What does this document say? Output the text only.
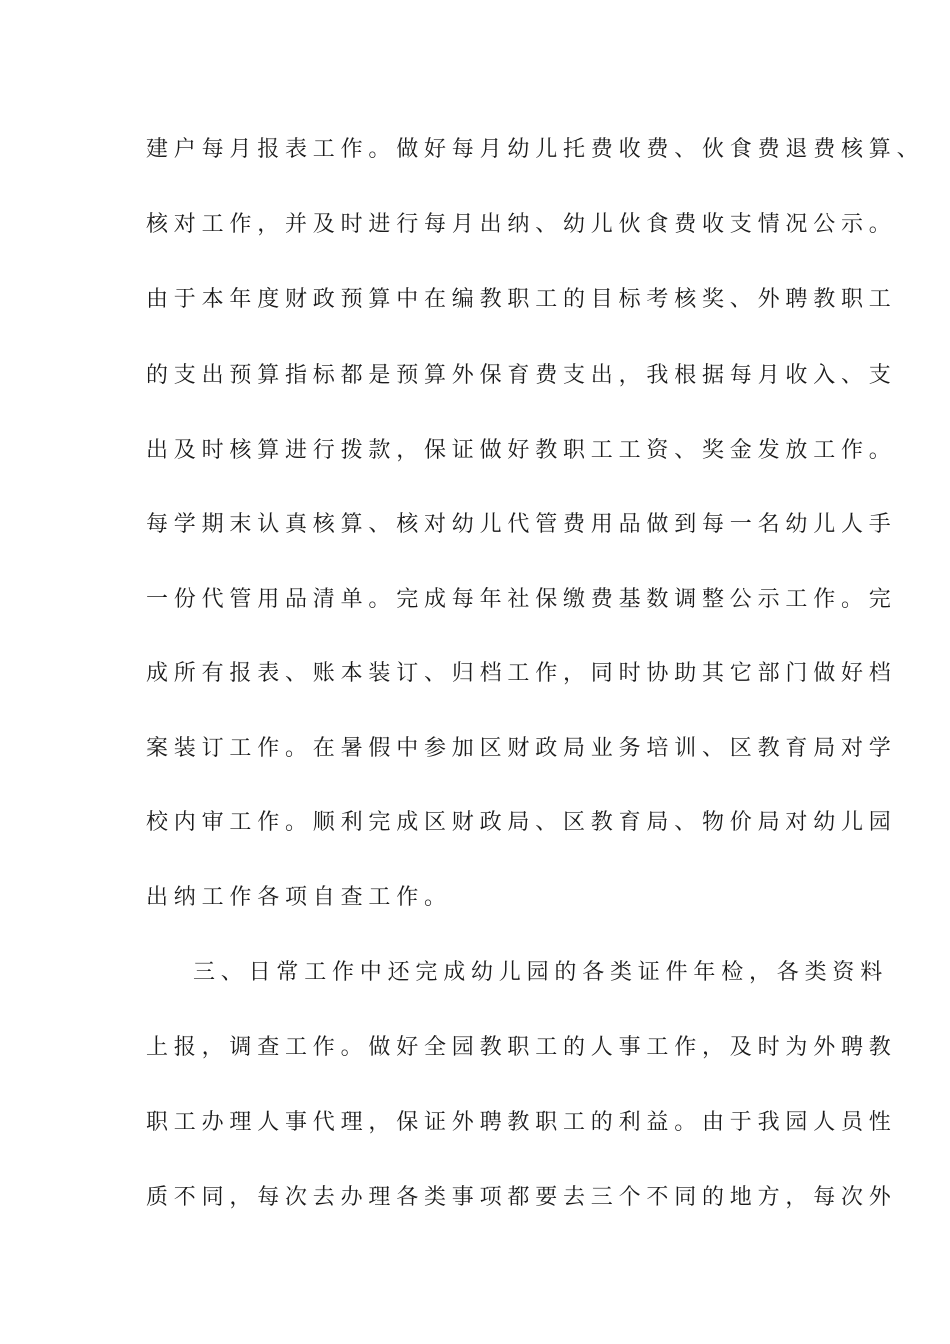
建户每月报表工作。做好每月幼儿托费收费、伙食费退费核算、
核对工作，并及时进行每月出纳、幼儿伙食费收支情况公示。
由于本年度财政预算中在编教职工的目标考核奖、外聘教职工
的支出预算指标都是预算外保育费支出，我根据每月收入、支
出及时核算进行拨款，保证做好教职工工资、奖金发放工作。
每学期末认真核算、核对幼儿代管费用品做到每一名幼儿人手
一份代管用品清单。完成每年社保缴费基数调整公示工作。完
成所有报表、账本装订、归档工作，同时协助其它部门做好档
案装订工作。在暑假中参加区财政局业务培训、区教育局对学
校内审工作。顺利完成区财政局、区教育局、物价局对幼儿园
出纳工作各项自查工作。
三、日常工作中还完成幼儿园的各类证件年检，各类资料
上报，调查工作。做好全园教职工的人事工作，及时为外聘教
职工办理人事代理，保证外聘教职工的利益。由于我园人员性
质不同，每次去办理各类事项都要去三个不同的地方，每次外
